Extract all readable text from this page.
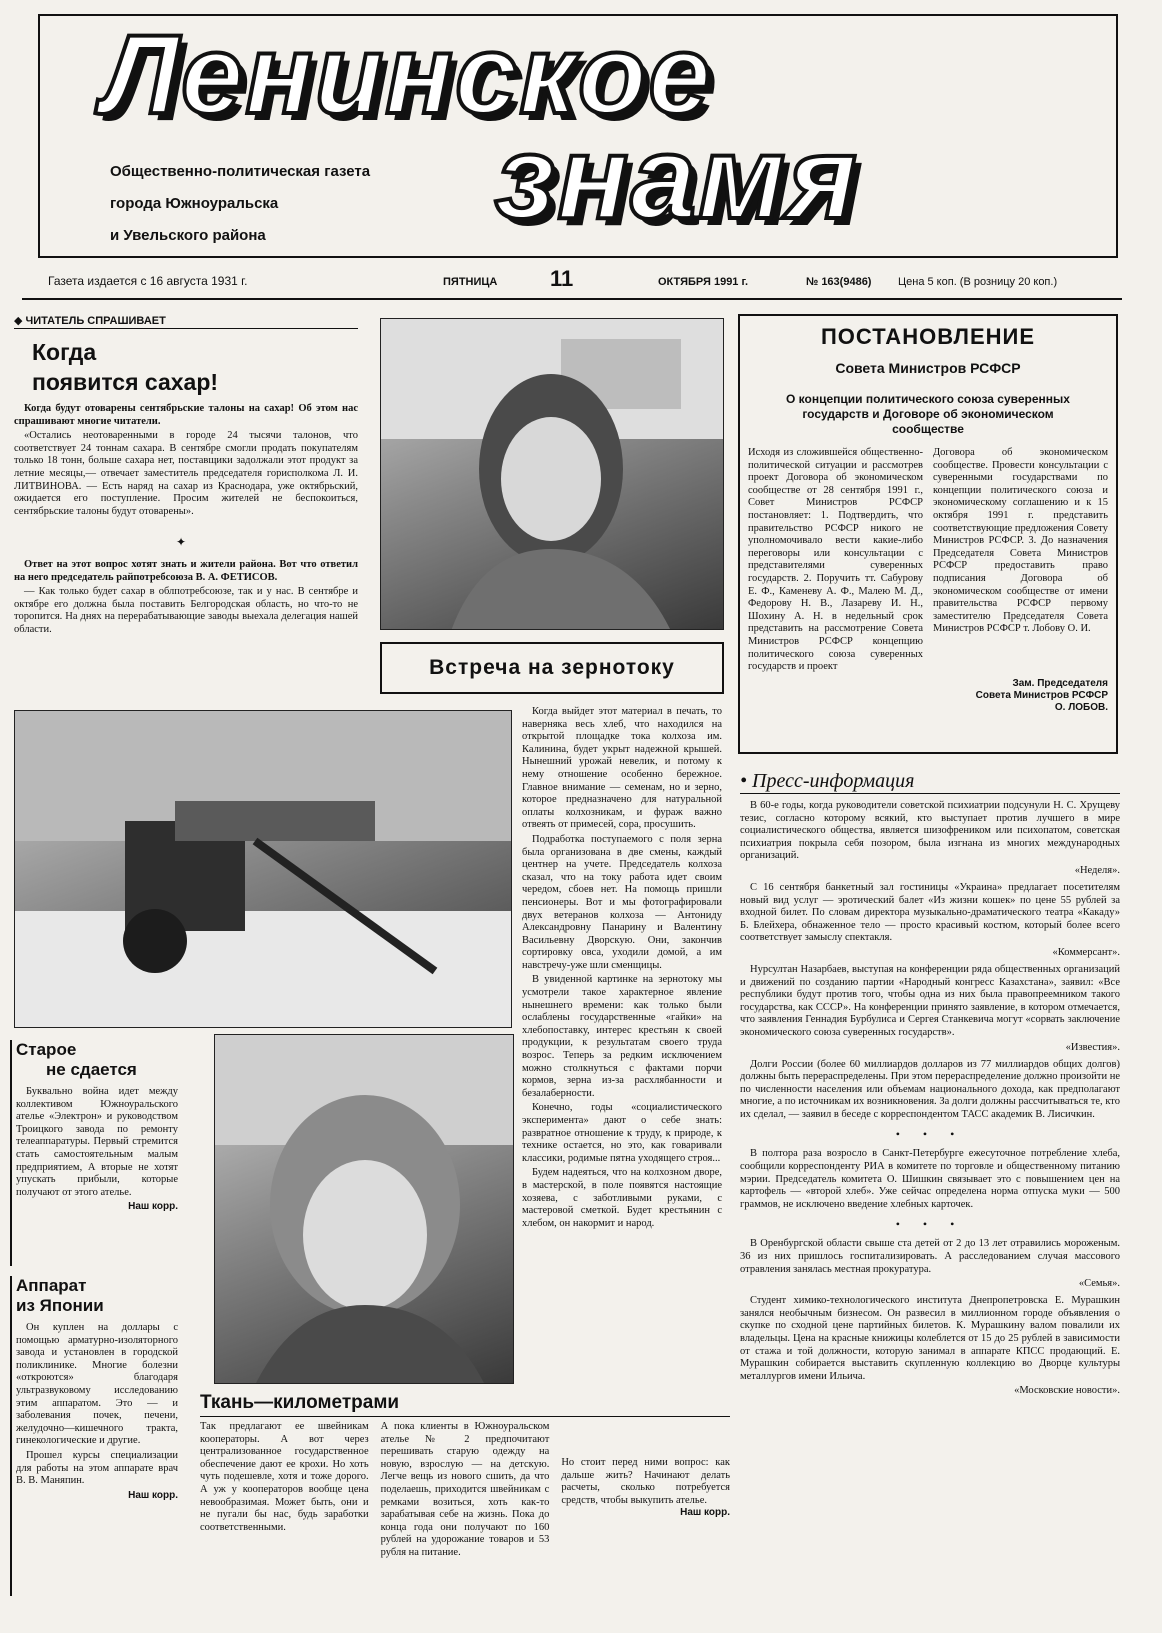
Ленинское
знамя
Общественно-политическая газета
города Южноуральска
и Увельского района
Газета издается с 16 августа 1931 г.	ПЯТНИЦА 11	ОКТЯБРЯ 1991 г.	№ 163(9486) Цена 5 коп. (В розницу 20 коп.)
◆ ЧИТАТЕЛЬ СПРАШИВАЕТ
Когда
появится сахар!

Когда будут отоварены сентябрьские талоны на сахар! Об этом нас спрашивают многие читатели.

«Остались неотоваренными в городе 24 тысячи талонов, что соответствует 24 тоннам сахара. В сентябре смогли продать покупателям только 18 тонн, больше сахара нет, поставщики задолжали этот продукт за летние месяцы,— отвечает заместитель председателя горисполкома Л. И. ЛИТВИНОВА. — Есть наряд на сахар из Краснодара, уже октябрьский, ожидается его поступление. Просим жителей не беспокоиться, сентябрьские талоны будут отоварены».

✦

Ответ на этот вопрос хотят знать и жители района. Вот что ответил на него председатель райпотребсоюза В. А. ФЕТИСОВ.

— Как только будет сахар в облпотребсоюзе, так и у нас. В сентябре и октябре его должна была поставить Белгородская область, но что-то не торопится. На днях на перерабатывающие заводы выехала делегация нашей области.

Встреча на зернотоку
ПОСТАНОВЛЕНИЕ
Совета Министров РСФСР
О концепции политического союза суверенных государств и Договоре об экономическом сообществе
Исходя из сложившейся общественно-политической ситуации и рассмотрев проект Договора об экономическом сообществе от 28 сентября 1991 г., Совет Министров РСФСР постановляет: 1. Подтвердить, что правительство РСФСР никого не уполномочивало вести какие-либо переговоры или консультации с представителями суверенных государств. 2. Поручить тт. Сабурову Е. Ф., Каменеву А. Ф., Малею М. Д., Федорову Н. В., Лазареву И. Н., Шохину А. Н. в недельный срок представить на рассмотрение Совета Министров РСФСР концепцию политического союза суверенных государств и проект
Договора об экономическом сообществе. Провести консультации с суверенными государствами по концепции политического союза и экономическому соглашению и к 15 октября 1991 г. представить соответствующие предложения Совету Министров РСФСР. 3. До назначения Председателя Совета Министров РСФСР предоставить право подписания Договора об экономическом сообществе от имени правительства РСФСР первому заместителю Председателя Совета Министров РСФСР т. Лобову О. И.
Зам. Председателя
Совета Министров РСФСР
О. ЛОБОВ.
• Пресс-информация

В 60-е годы, когда руководители советской психиатрии подсунули Н. С. Хрущеву тезис, согласно которому всякий, кто выступает против лучшего в мире социалистического общества, является шизофреником или психопатом, советская психиатрия покрыла себя позором, была изгнана из многих международных организаций.

«Неделя».

С 16 сентября банкетный зал гостиницы «Украина» предлагает посетителям новый вид услуг — эротический балет «Из жизни кошек» по цене 55 рублей за входной билет. По словам директора музыкально-драматического театра «Какаду» Б. Блейхера, обнаженное тело — просто красивый костюм, который более всего соответствует замыслу спектакля.

«Коммерсант».

Нурсултан Назарбаев, выступая на конференции ряда общественных организаций и движений по созданию партии «Народный конгресс Казахстана», заявил: «Все республики будут против того, чтобы одна из них была правопреемником такого государства, как СССР». На конференции принято заявление, в котором отмечается, что заявления Геннадия Бурбулиса и Сергея Станкевича могут «сорвать заключение экономического союза суверенных государств».

«Известия».

Долги России (более 60 миллиардов долларов из 77 миллиардов общих долгов) должны быть перераспределены. При этом перераспределение должно произойти не по численности населения или объемам национального дохода, как предполагают многие, а по источникам их возникновения. За долги должны рассчитываться те, кто их сделал, — заявил в беседе с корреспондентом ТАСС академик В. Лисичкин.

• • •

В полтора раза возросло в Санкт-Петербурге ежесуточное потребление хлеба, сообщили корреспонденту РИА в комитете по торговле и общественному питанию мэрии. Председатель комитета О. Шишкин связывает это с повышением цен на картофель — «второй хлеб». Уже сейчас определена норма отпуска муки — 500 граммов, не исключено введение хлебных карточек.

• • •

В Оренбургской области свыше ста детей от 2 до 13 лет отравились мороженым. 36 из них пришлось госпитализировать. А расследованием случая массового отравления занялась местная прокуратура.

«Семья».

Студент химико-технологического института Днепропетровска Е. Мурашкин занялся необычным бизнесом. Он развесил в миллионном городе объявления о скупке по сходной цене партийных билетов. К. Мурашкину валом повалили их владельцы. Цена на красные книжицы колеблется от 15 до 25 рублей в зависимости от стажа и той должности, которую занимал в аппарате КПСС продающий. Е. Мурашкин собирается выставить скупленную коллекцию во Дворце культуры металлургов имени Ильича.

«Московские новости».

Когда выйдет этот материал в печать, то наверняка весь хлеб, что находился на открытой площадке тока колхоза им. Калинина, будет укрыт надежной крышей. Нынешний урожай невелик, и потому к нему отношение особенно бережное. Главное внимание — семенам, но и зерно, которое предназначено для натуральной оплаты колхозникам, и фураж важно отвеять от примесей, сора, просушить.

Подработка поступаемого с поля зерна была организована в две смены, каждый центнер на учете. Председатель колхоза сказал, что на току работа идет своим чередом, сбоев нет. На помощь пришли пенсионеры. Вот и мы фотографировали двух ветеранов колхоза — Антониду Александровну Панарину и Валентину Васильевну Дворскую. Они, закончив сортировку овса, уходили домой, а им навстречу-уже шли сменщицы.

В увиденной картинке на зернотоку мы усмотрели такое характерное явление нынешнего времени: как только были ослаблены государственные «гайки» на хлебопоставку, интерес крестьян к своей продукции, к результатам своего труда возрос. Теперь за редким исключением можно столкнуться с фактами порчи кормов, зерна из-за расхлябанности и безалаберности.

Конечно, годы «социалистического эксперимента» дают о себе знать: развратное отношение к труду, к природе, к технике остается, но это, как говаривали классики, родимые пятна уходящего строя...

Будем надеяться, что на колхозном дворе, в мастерской, в поле появятся настоящие хозяева, с заботливыми руками, с мастеровой сметкой. Будет крестьянин с хлебом, он накормит и народ.

Старое
не сдается

Буквально война идет между коллективом Южноуральского ателье «Электрон» и руководством Троицкого завода по ремонту телеаппаратуры. Первый стремится стать самостоятельным малым предприятием, А вторые не хотят упускать прибыли, которые получают от этого ателье.

Наш корр.
Аппарат
из Японии

Он куплен на доллары с помощью арматурно-изоляторного завода и установлен в городской поликлинике. Многие болезни «откроются» благодаря ультразвуковому исследованию этим аппаратом. Это — и заболевания почек, печени, желудочно—кишечного тракта, гинекологические и другие.

Прошел курсы специализации для работы на этом аппарате врач В. В. Маняпин.

Наш корр.
Ткань—километрами
Так предлагают ее швейникам кооператоры. А вот через централизованное государственное обеспечение дают ее крохи. Но хоть чуть подешевле, хотя и тоже дорого. А уж у кооператоров вообще цена невообразимая. Может быть, они и не пугали бы нас, будь заработки соответственными.
А пока клиенты в Южноуральском ателье № 2 предпочитают перешивать старую одежду на новую, взрослую — на детскую. Легче вещь из нового сшить, да что поделаешь, приходится швейникам с ремками возиться, хоть как-то зарабатывая себе на жизнь. Пока до конца года они получают по 160 рублей на удорожание товаров и 53 рубля на питание.
Но стоит перед ними вопрос: как дальше жить? Начинают делать расчеты, сколько потребуется средств, чтобы выкупить ателье.
Наш корр.
